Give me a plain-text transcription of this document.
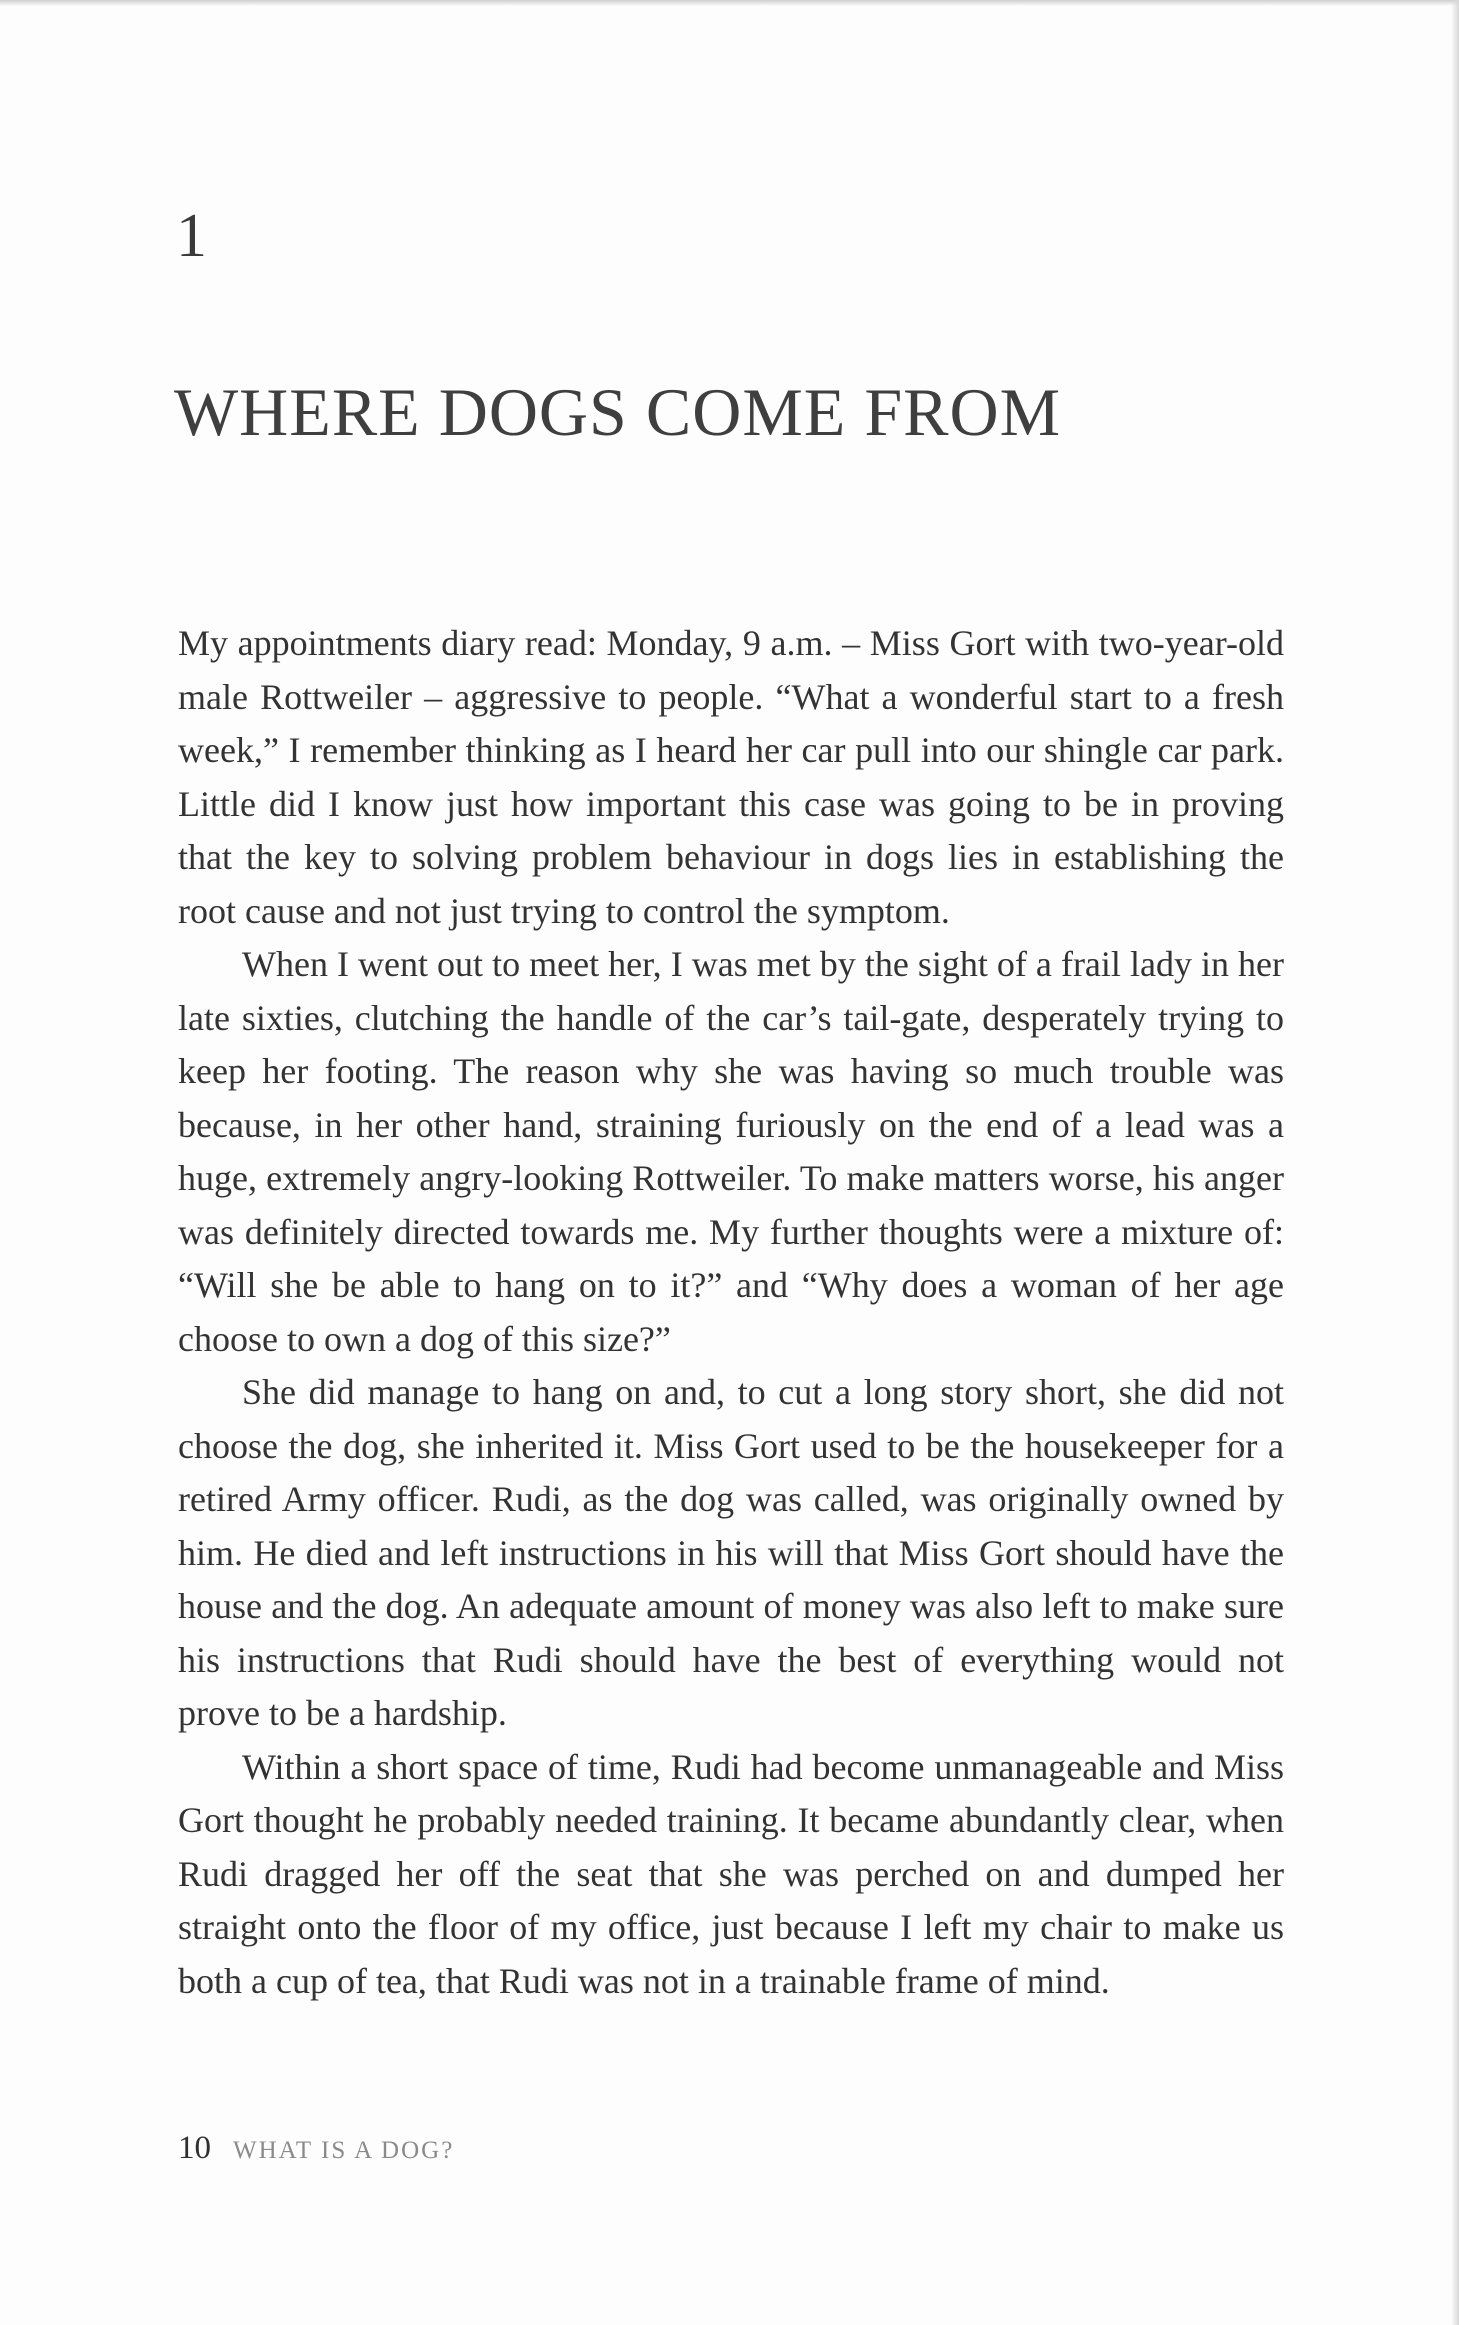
1
WHERE DOGS COME FROM

My appointments diary read: Monday, 9 a.m. – Miss Gort with two-year-old male Rottweiler – aggressive to people. “What a wonderful start to a fresh week,” I remember thinking as I heard her car pull into our shingle car park. Little did I know just how important this case was going to be in proving that the key to solving problem behaviour in dogs lies in establishing the root cause and not just trying to control the symptom.

When I went out to meet her, I was met by the sight of a frail lady in her late sixties, clutching the handle of the car’s tail-gate, desperately trying to keep her footing. The reason why she was having so much trouble was because, in her other hand, straining furiously on the end of a lead was a huge, extremely angry-looking Rottweiler. To make matters worse, his anger was definitely directed towards me. My further thoughts were a mixture of: “Will she be able to hang on to it?” and “Why does a woman of her age choose to own a dog of this size?”

She did manage to hang on and, to cut a long story short, she did not choose the dog, she inherited it. Miss Gort used to be the housekeeper for a retired Army officer. Rudi, as the dog was called, was originally owned by him. He died and left instructions in his will that Miss Gort should have the house and the dog. An adequate amount of money was also left to make sure his instructions that Rudi should have the best of everything would not prove to be a hardship.

Within a short space of time, Rudi had become unmanageable and Miss Gort thought he probably needed training. It became abundantly clear, when Rudi dragged her off the seat that she was perched on and dumped her straight onto the floor of my office, just because I left my chair to make us both a cup of tea, that Rudi was not in a trainable frame of mind.

10 WHAT IS A DOG?
